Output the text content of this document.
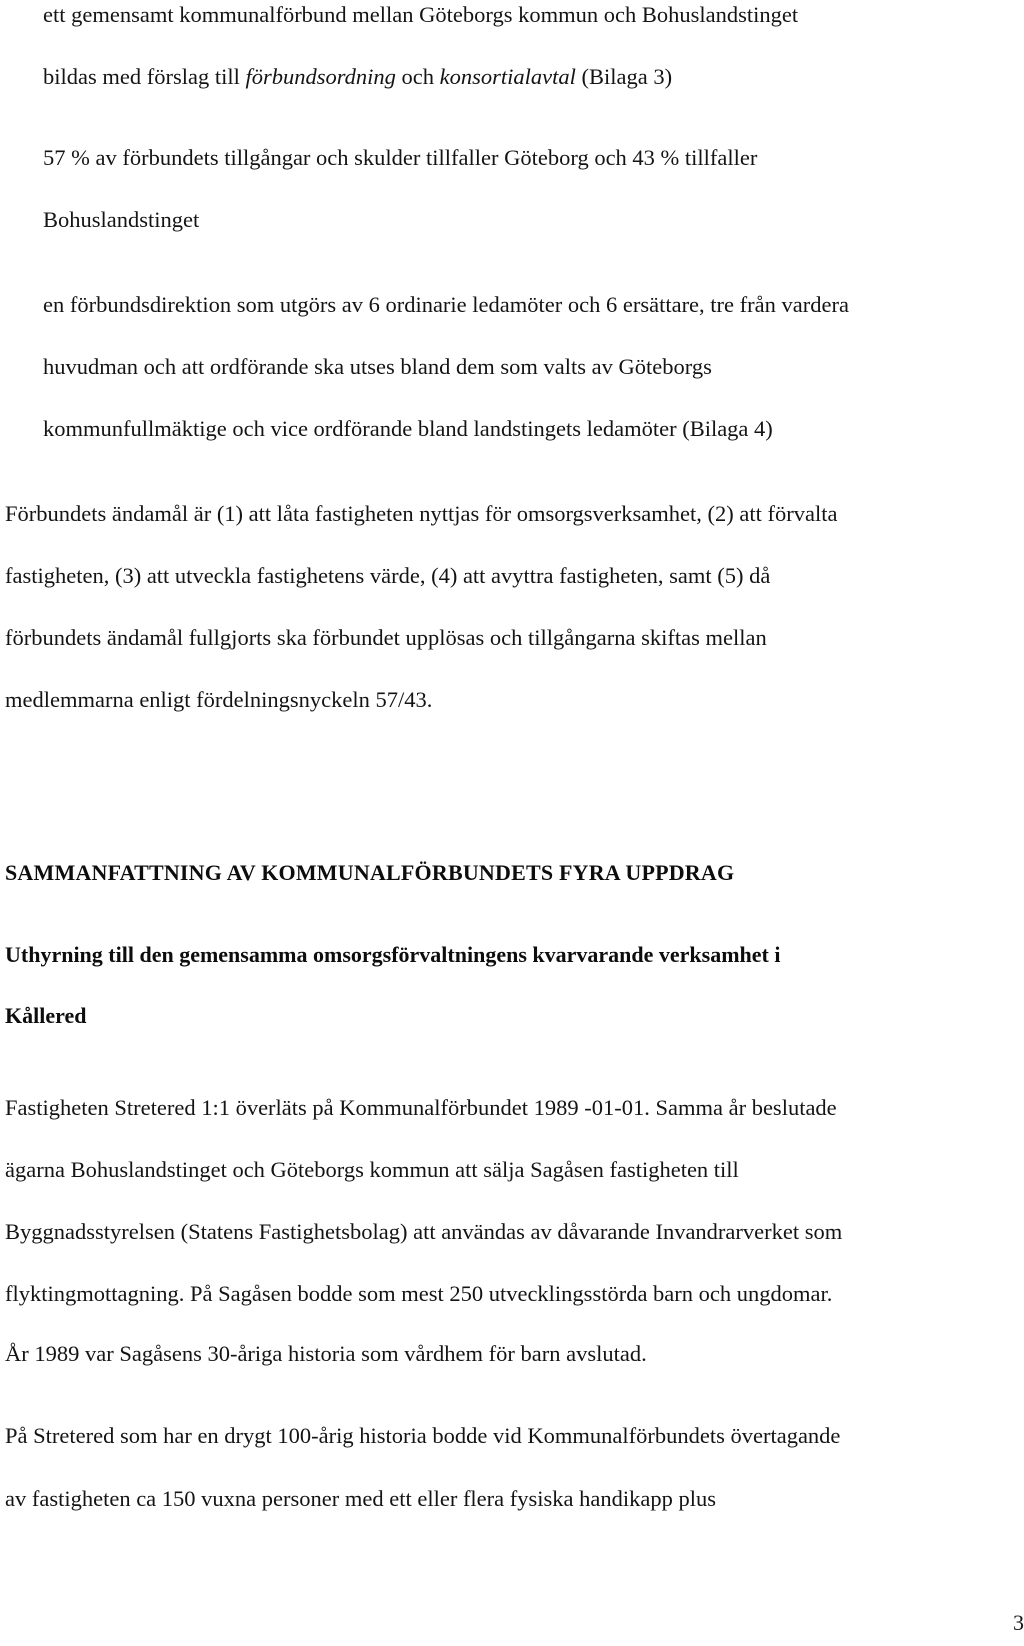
ett gemensamt kommunalförbund mellan Göteborgs kommun och Bohuslandstinget
bildas med förslag till förbundsordning och konsortialavtal (Bilaga 3)
57 % av förbundets tillgångar och skulder tillfaller Göteborg och 43 % tillfaller
Bohuslandstinget
en förbundsdirektion som utgörs av 6 ordinarie ledamöter och 6 ersättare, tre från vardera
huvudman och att ordförande ska utses bland dem som valts av Göteborgs
kommunfullmäktige och vice ordförande bland landstingets ledamöter (Bilaga 4)
Förbundets ändamål är (1) att låta fastigheten nyttjas för omsorgsverksamhet, (2) att förvalta
fastigheten, (3) att utveckla fastighetens värde, (4) att avyttra fastigheten, samt (5) då
förbundets ändamål fullgjorts ska förbundet upplösas och tillgångarna skiftas mellan
medlemmarna enligt fördelningsnyckeln 57/43.
SAMMANFATTNING AV KOMMUNALFÖRBUNDETS FYRA UPPDRAG
Uthyrning till den gemensamma omsorgsförvaltningens kvarvarande verksamhet i
Kållered
Fastigheten Stretered 1:1 överläts på Kommunalförbundet 1989 -01-01. Samma år beslutade
ägarna Bohuslandstinget och Göteborgs kommun att sälja Sagåsen fastigheten till
Byggnadsstyrelsen (Statens Fastighetsbolag) att användas av dåvarande Invandrarverket som
flyktingmottagning. På Sagåsen bodde som mest 250 utvecklingsstörda barn och ungdomar.
År 1989 var Sagåsens 30-åriga historia som vårdhem för barn avslutad.
På Stretered som har en drygt 100-årig historia bodde vid Kommunalförbundets övertagande
av fastigheten ca 150 vuxna personer med ett eller flera fysiska handikapp plus
3
